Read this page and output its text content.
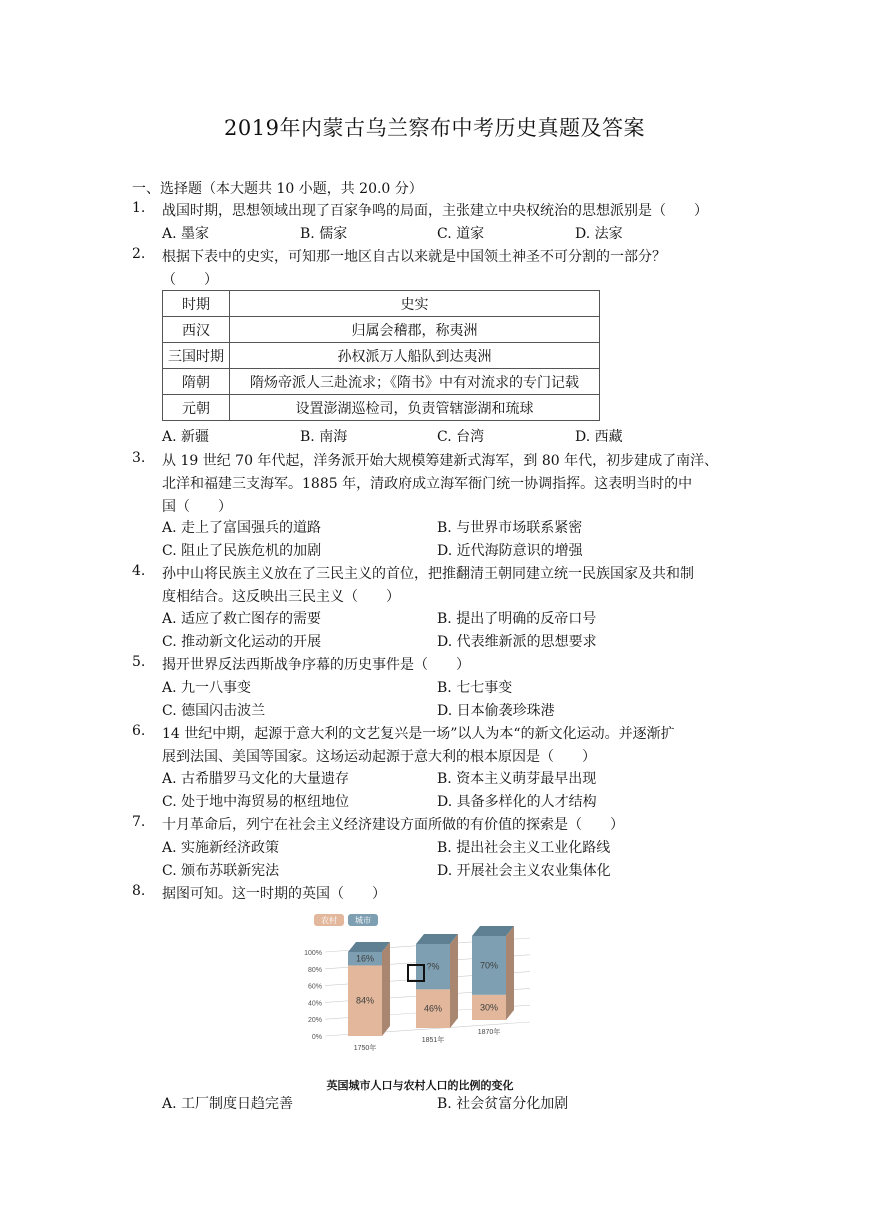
2019年内蒙古乌兰察布中考历史真题及答案
一、选择题（本大题共 10 小题，共 20.0 分）
1.	战国时期，思想领域出现了百家争鸣的局面，主张建立中央权统治的思想派别是（　　）
A. 墨家	B. 儒家	C. 道家	D. 法家
2.	根据下表中的史实，可知那一地区自古以来就是中国领土神圣不可分割的一部分？
（　　）
时期	史实
西汉	归属会稽郡，称夷洲
三国时期	孙权派万人船队到达夷洲
隋朝	隋炀帝派人三赴流求；《隋书》中有对流求的专门记载
元朝	设置澎湖巡检司，负责管辖澎湖和琉球
A. 新疆	B. 南海	C. 台湾	D. 西藏
3.	从 19 世纪 70 年代起，洋务派开始大规模筹建新式海军，到 80 年代，初步建成了南洋、
北洋和福建三支海军。1885 年，清政府成立海军衙门统一协调指挥。这表明当时的中
国（　　）
A. 走上了富国强兵的道路	B. 与世界市场联系紧密
C. 阻止了民族危机的加剧	D. 近代海防意识的增强
4.	孙中山将民族主义放在了三民主义的首位，把推翻清王朝同建立统一民族国家及共和制
度相结合。这反映出三民主义（　　）
A. 适应了救亡图存的需要	B. 提出了明确的反帝口号
C. 推动新文化运动的开展	D. 代表维新派的思想要求
5.	揭开世界反法西斯战争序幕的历史事件是（　　）
A. 九一八事变	B. 七七事变
C. 德国闪击波兰	D. 日本偷袭珍珠港
6.	14 世纪中期，起源于意大利的文艺复兴是一场”以人为本“的新文化运动。并逐渐扩
展到法国、美国等国家。这场运动起源于意大利的根本原因是（　　）
A. 古希腊罗马文化的大量遗存	B. 资本主义萌芽最早出现
C. 处于地中海贸易的枢纽地位	D. 具备多样化的人才结构
7.	十月革命后，列宁在社会主义经济建设方面所做的有价值的探索是（　　）
A. 实施新经济政策	B. 提出社会主义工业化路线
C. 颁布苏联新宪法	D. 开展社会主义农业集体化
8.	据图可知。这一时期的英国（　　）
农村 城市
100%
80%
60%
40%
20%
0%
16%
84%
1750年
?%
46%
1851年
70%
30%
1870年
英国城市人口与农村人口的比例的变化
A. 工厂制度日趋完善	B. 社会贫富分化加剧
